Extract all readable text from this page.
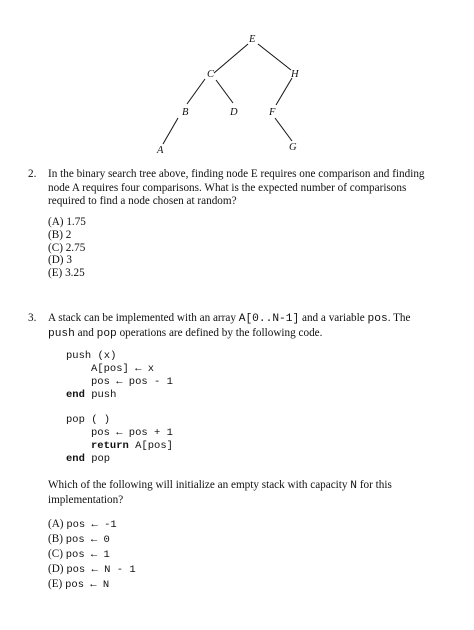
E
C	H
B	D	F
A	G
2.	In the binary search tree above, finding node E requires one comparison and finding
node A requires four comparisons. What is the expected number of comparisons
required to find a node chosen at random?
(A) 1.75
(B) 2
(C) 2.75
(D) 3
(E) 3.25
3.	A stack can be implemented with an array A[0..N-1] and a variable pos. The
push and pop operations are defined by the following code.
push (x)
A[pos] ← x
pos ← pos - 1
end push
pop ( )
pos ← pos + 1
return A[pos]
end pop
Which of the following will initialize an empty stack with capacity N for this
implementation?
(A) pos ← -1
(B) pos ← 0
(C) pos ← 1
(D) pos ← N - 1
(E) pos ← N
